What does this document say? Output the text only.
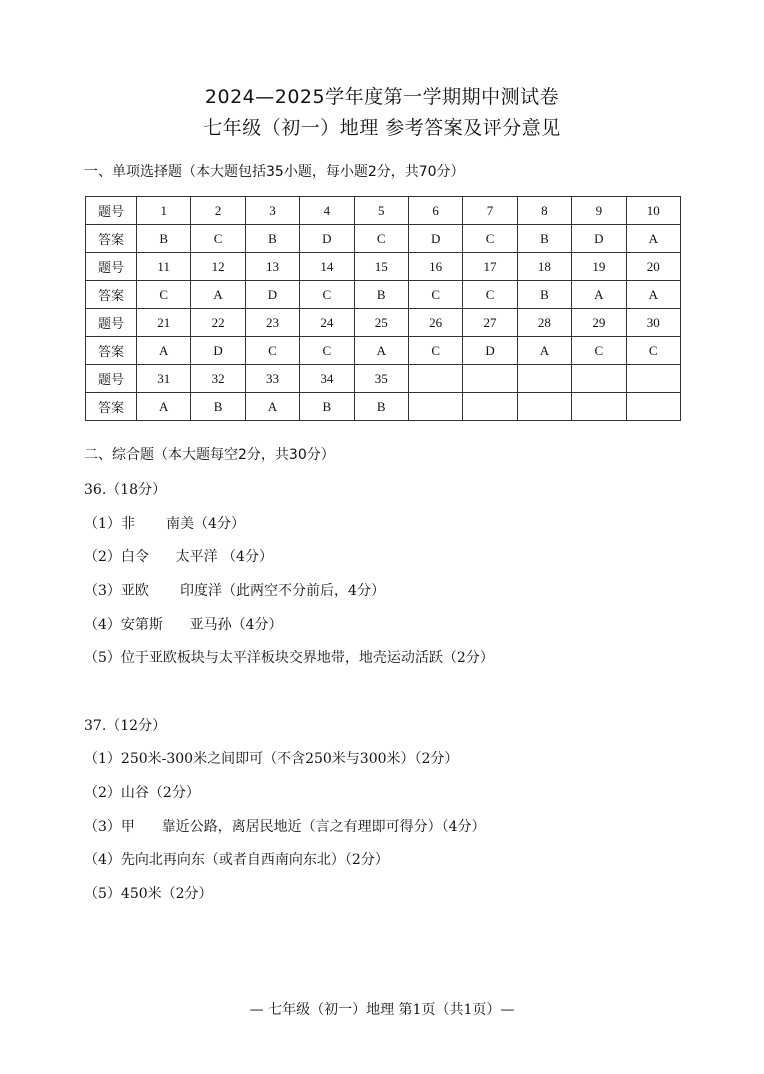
2024—2025学年度第一学期期中测试卷
七年级（初一）地理 参考答案及评分意见
一、单项选择题（本大题包括35小题，每小题2分，共70分）
题号	1	2	3	4	5	6	7	8	9	10
答案	B	C	B	D	C	D	C	B	D	A
题号	11	12	13	14	15	16	17	18	19	20
答案	C	A	D	C	B	C	C	B	A	A
题号	21	22	23	24	25	26	27	28	29	30
答案	A	D	C	C	A	C	D	A	C	C
题号	31	32	33	34	35					
答案	A	B	A	B	B					
二、综合题（本大题每空2分，共30分）
36.（18分）
（1）非       南美（4分）
（2）白令      太平洋 （4分）
（3）亚欧       印度洋（此两空不分前后，4分）
（4）安第斯      亚马孙（4分）
（5）位于亚欧板块与太平洋板块交界地带，地壳运动活跃（2分）
37.（12分）
（1）250米-300米之间即可（不含250米与300米）（2分）
（2）山谷（2分）
（3）甲      靠近公路，离居民地近（言之有理即可得分）（4分）
（4）先向北再向东（或者自西南向东北）（2分）
（5）450米（2分）
— 七年级（初一）地理 第1页（共1页）—
